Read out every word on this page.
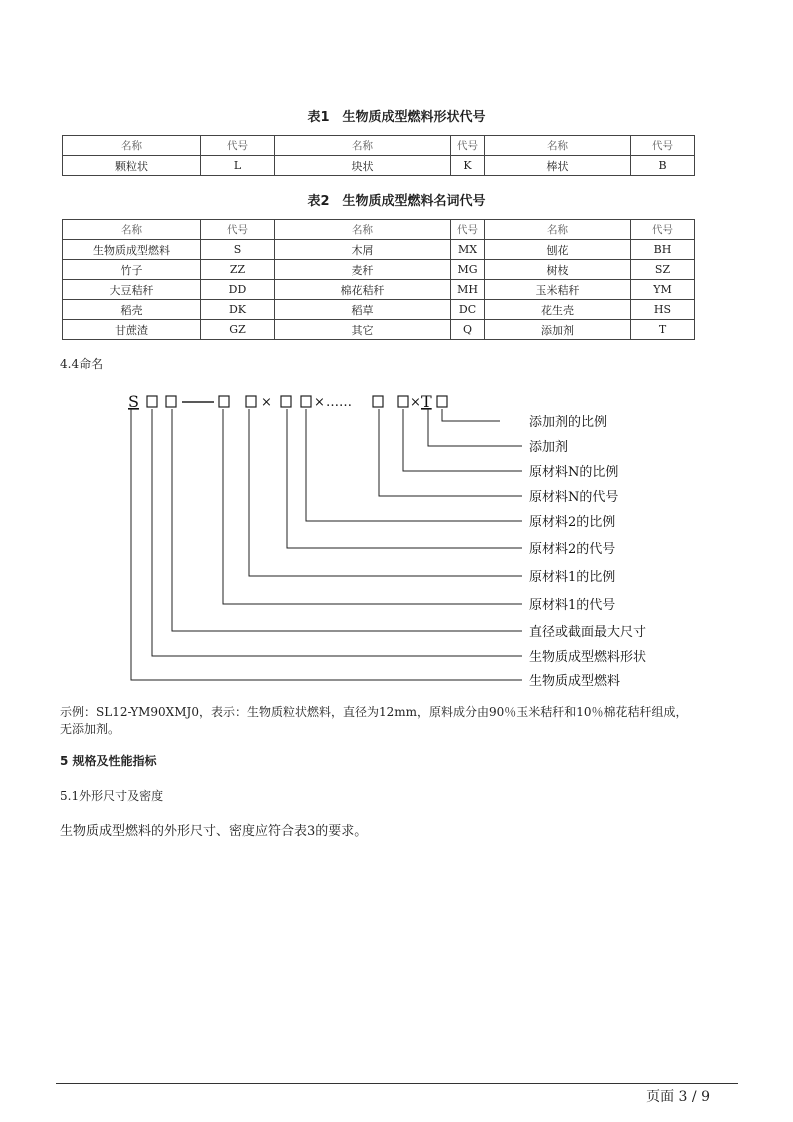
表1　生物质成型燃料形状代号
名称	代号	名称	代号	名称	代号
颗粒状	L	块状	K	棒状	B
表2　生物质成型燃料名词代号
名称	代号	名称	代号	名称	代号
生物质成型燃料	S	木屑	MX	刨花	BH
竹子	ZZ	麦秆	MG	树枝	SZ
大豆秸秆	DD	棉花秸秆	MH	玉米秸秆	YM
稻壳	DK	稻草	DC	花生壳	HS
甘蔗渣	GZ	其它	Q	添加剂	T
4.4命名
S	×	× ……	× T
添加剂的比例
添加剂
原材料N的比例
原材料N的代号
原材料2的比例
原材料2的代号
原材料1的比例
原材料1的代号
直径或截面最大尺寸
生物质成型燃料形状
生物质成型燃料
示例：SL12-YM90XMJ0，表示：生物质粒状燃料，直径为12mm，原料成分由90％玉米秸秆和10％棉花秸秆组成，
无添加剂。
5 规格及性能指标
5.1外形尺寸及密度
生物质成型燃料的外形尺寸、密度应符合表3的要求。
页面 3 / 9
